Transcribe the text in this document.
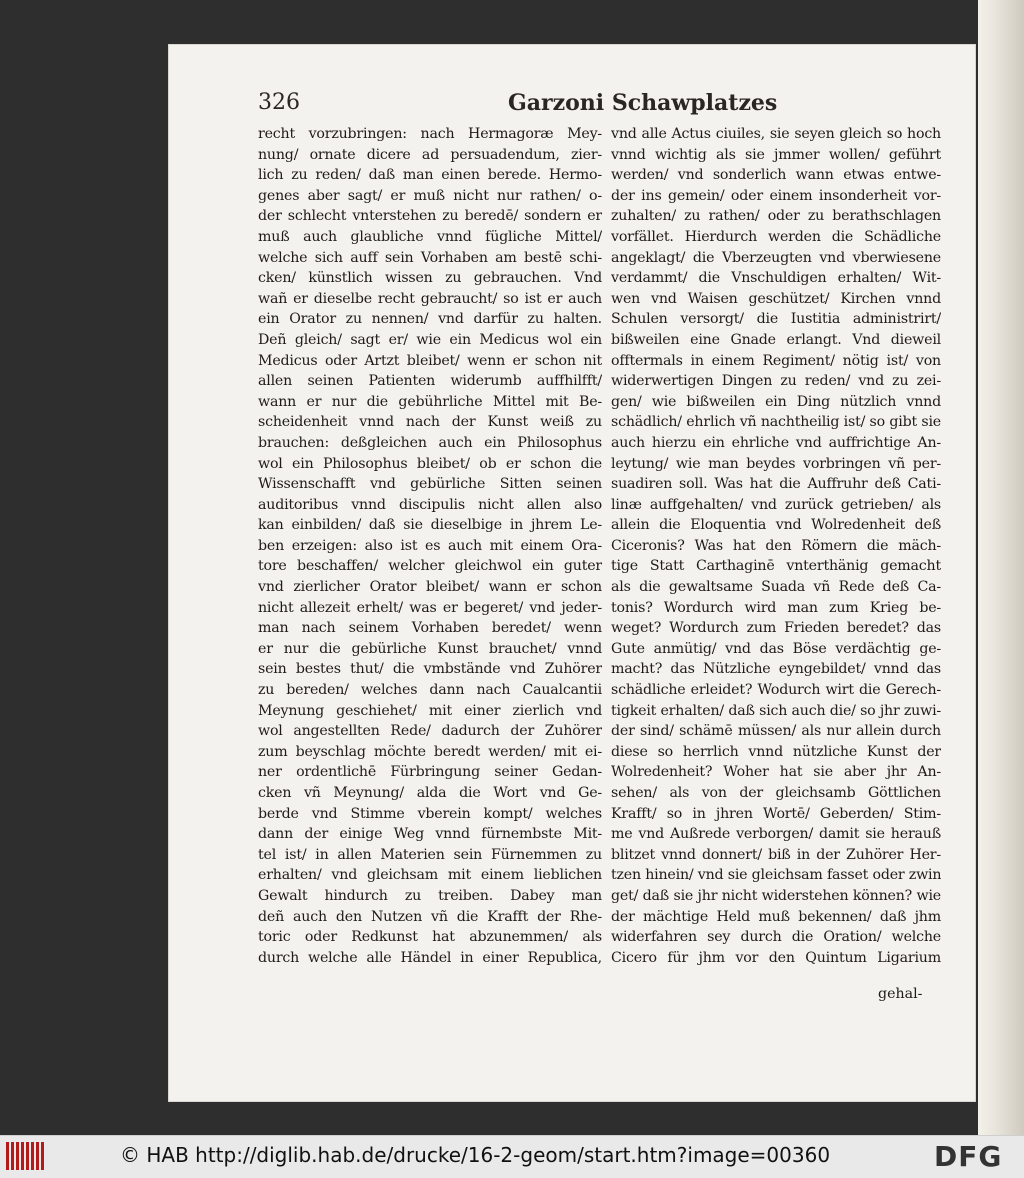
326	Garzoni Schawplatzes
recht vorzubringen: nach Hermagoræ Mey-
nung/ ornate dicere ad persuadendum, zier-
lich zu reden/ daß man einen berede. Hermo-
genes aber sagt/ er muß nicht nur rathen/ o-
der schlecht vnterstehen zu beredē/ sondern er
muß auch glaubliche vnnd fügliche Mittel/
welche sich auff sein Vorhaben am bestē schi-
cken/ künstlich wissen zu gebrauchen. Vnd
wañ er dieselbe recht gebraucht/ so ist er auch
ein Orator zu nennen/ vnd darfür zu halten.
Deñ gleich/ sagt er/ wie ein Medicus wol ein
Medicus oder Artzt bleibet/ wenn er schon nit
allen seinen Patienten widerumb auffhilfft/
wann er nur die gebührliche Mittel mit Be-
scheidenheit vnnd nach der Kunst weiß zu
brauchen: deßgleichen auch ein Philosophus
wol ein Philosophus bleibet/ ob er schon die
Wissenschafft vnd gebürliche Sitten seinen
auditoribus vnnd discipulis nicht allen also
kan einbilden/ daß sie dieselbige in jhrem Le-
ben erzeigen: also ist es auch mit einem Ora-
tore beschaffen/ welcher gleichwol ein guter
vnd zierlicher Orator bleibet/ wann er schon
nicht allezeit erhelt/ was er begeret/ vnd jeder-
man nach seinem Vorhaben beredet/ wenn
er nur die gebürliche Kunst brauchet/ vnnd
sein bestes thut/ die vmbstände vnd Zuhörer
zu bereden/ welches dann nach Caualcantii
Meynung geschiehet/ mit einer zierlich vnd
wol angestellten Rede/ dadurch der Zuhörer
zum beyschlag möchte beredt werden/ mit ei-
ner ordentlichē Fürbringung seiner Gedan-
cken vñ Meynung/ alda die Wort vnd Ge-
berde vnd Stimme vberein kompt/ welches
dann der einige Weg vnnd fürnembste Mit-
tel ist/ in allen Materien sein Fürnemmen zu
erhalten/ vnd gleichsam mit einem lieblichen
Gewalt hindurch zu treiben. Dabey man
deñ auch den Nutzen vñ die Krafft der Rhe-
toric oder Redkunst hat abzunemmen/ als
durch welche alle Händel in einer Republica,
vnd alle Actus ciuiles, sie seyen gleich so hoch
vnnd wichtig als sie jmmer wollen/ geführt
werden/ vnd sonderlich wann etwas entwe-
der ins gemein/ oder einem insonderheit vor-
zuhalten/ zu rathen/ oder zu berathschlagen
vorfället. Hierdurch werden die Schädliche
angeklagt/ die Vberzeugten vnd vberwiesene
verdammt/ die Vnschuldigen erhalten/ Wit-
wen vnd Waisen geschützet/ Kirchen vnnd
Schulen versorgt/ die Iustitia administrirt/
bißweilen eine Gnade erlangt. Vnd dieweil
offtermals in einem Regiment/ nötig ist/ von
widerwertigen Dingen zu reden/ vnd zu zei-
gen/ wie bißweilen ein Ding nützlich vnnd
schädlich/ ehrlich vñ nachtheilig ist/ so gibt sie
auch hierzu ein ehrliche vnd auffrichtige An-
leytung/ wie man beydes vorbringen vñ per-
suadiren soll. Was hat die Auffruhr deß Cati-
linæ auffgehalten/ vnd zurück getrieben/ als
allein die Eloquentia vnd Wolredenheit deß
Ciceronis? Was hat den Römern die mäch-
tige Statt Carthaginē vnterthänig gemacht
als die gewaltsame Suada vñ Rede deß Ca-
tonis? Wordurch wird man zum Krieg be-
weget? Wordurch zum Frieden beredet? das
Gute anmütig/ vnd das Böse verdächtig ge-
macht? das Nützliche eyngebildet/ vnnd das
schädliche erleidet? Wodurch wirt die Gerech-
tigkeit erhalten/ daß sich auch die/ so jhr zuwi-
der sind/ schämē müssen/ als nur allein durch
diese so herrlich vnnd nützliche Kunst der
Wolredenheit? Woher hat sie aber jhr An-
sehen/ als von der gleichsamb Göttlichen
Krafft/ so in jhren Wortē/ Geberden/ Stim-
me vnd Außrede verborgen/ damit sie herauß
blitzet vnnd donnert/ biß in der Zuhörer Her-
tzen hinein/ vnd sie gleichsam fasset oder zwin
get/ daß sie jhr nicht widerstehen können? wie
der mächtige Held muß bekennen/ daß jhm
widerfahren sey durch die Oration/ welche
Cicero für jhm vor den Quintum Ligarium
gehal-
© HAB http://diglib.hab.de/drucke/16-2-geom/start.htm?image=00360	DFG
